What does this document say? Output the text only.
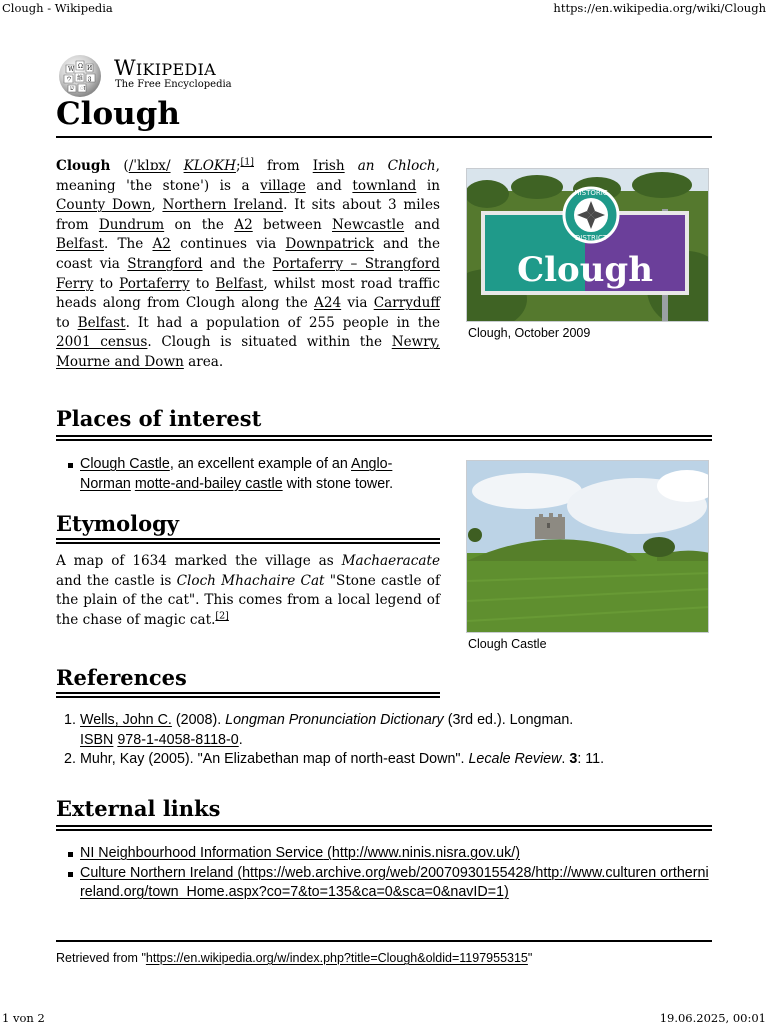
Clough - Wikipedia	https://en.wikipedia.org/wiki/Clough
1 von 2	19.06.2025, 00:01
W Ω И
ウ 維 ვ
ש ा
WIKIPEDIA
The Free Encyclopedia
Clough

Clough (/ˈklɒx/ KLOKH;[1] from Irish an Chloch, meaning 'the stone') is a village and townland in County Down, Northern Ireland. It sits about 3 miles from Dundrum on the A2 between Newcastle and Belfast. The A2 continues via Downpatrick and the coast via Strangford and the Portaferry – Strangford Ferry to Portaferry to Belfast, whilst most road traffic heads along from Clough along the A24 via Carryduff to Belfast. It had a population of 255 people in the 2001 census. Clough is situated within the Newry, Mourne and Down area.

HISTORIC
DISTRICT
Clough
Clough, October 2009
Places of interest
Clough Castle, an excellent example of an Anglo-Norman motte-and-bailey castle with stone tower.
Clough Castle
Etymology

A map of 1634 marked the village as Machaeracate and the castle is Cloch Mhachaire Cat "Stone castle of the plain of the cat". This comes from a local legend of the chase of magic cat.[2]

References
1. Wells, John C. (2008). Longman Pronunciation Dictionary (3rd ed.). Longman.
ISBN 978-1-4058-8118-0.
2. Muhr, Kay (2005). "An Elizabethan map of north-east Down". Lecale Review. 3: 11.
External links
NI Neighbourhood Information Service (http://www.ninis.nisra.gov.uk/)
Culture Northern Ireland (https://web.archive.org/web/20070930155428/http://www.culturen orthernireland.org/town_Home.aspx?co=7&to=135&ca=0&sca=0&navID=1)
Retrieved from "https://en.wikipedia.org/w/index.php?title=Clough&oldid=1197955315"
